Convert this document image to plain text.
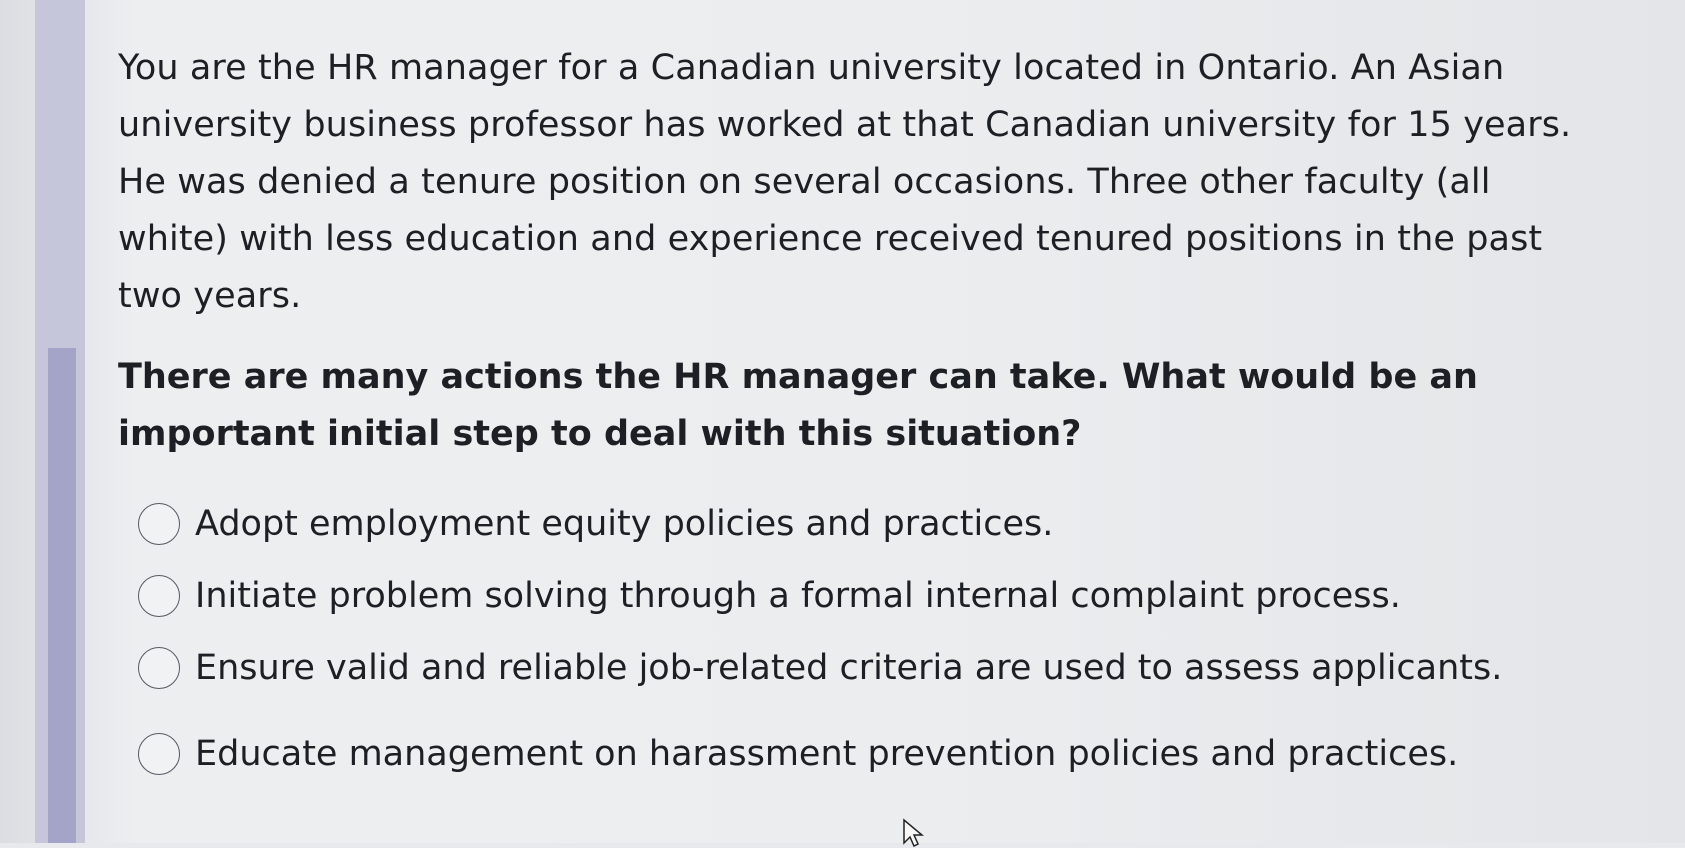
You are the HR manager for a Canadian university located in Ontario. An Asian university business professor has worked at that Canadian university for 15 years. He was denied a tenure position on several occasions. Three other faculty (all white) with less education and experience received tenured positions in the past two years.

There are many actions the HR manager can take. What would be an important initial step to deal with this situation?

Adopt employment equity policies and practices.
Initiate problem solving through a formal internal complaint process.
Ensure valid and reliable job-related criteria are used to assess applicants.
Educate management on harassment prevention policies and practices.
